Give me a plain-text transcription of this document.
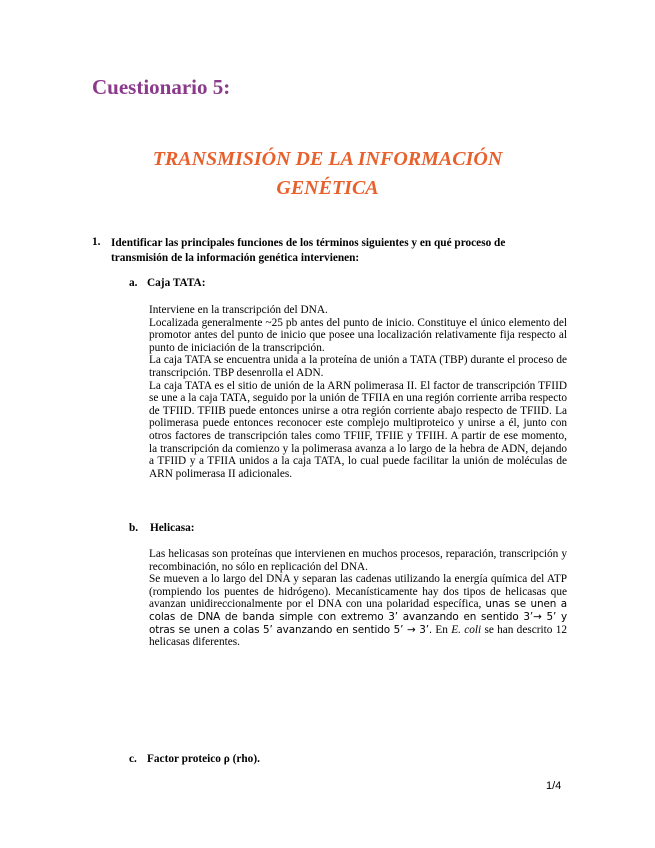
Cuestionario 5:
TRANSMISIÓN DE LA INFORMACIÓN
GENÉTICA
1. Identificar las principales funciones de los términos siguientes y en qué proceso de transmisión de la información genética intervienen:
a. Caja TATA:

Interviene en la transcripción del DNA.

Localizada generalmente ~25 pb antes del punto de inicio. Constituye el único elemento del promotor antes del punto de inicio que posee una localización relativamente fija respecto al punto de iniciación de la transcripción.

La caja TATA se encuentra unida a la proteína de unión a TATA (TBP) durante el proceso de transcripción. TBP desenrolla el ADN.

La caja TATA es el sitio de unión de la ARN polimerasa II. El factor de transcripción TFIID se une a la caja TATA, seguido por la unión de TFIIA en una región corriente arriba respecto de TFIID. TFIIB puede entonces unirse a otra región corriente abajo respecto de TFIID. La polimerasa puede entonces reconocer este complejo multiproteico y unirse a él, junto con otros factores de transcripción tales como TFIIF, TFIIE y TFIIH. A partir de ese momento, la transcripción da comienzo y la polimerasa avanza a lo largo de la hebra de ADN, dejando a TFIID y a TFIIA unidos a la caja TATA, lo cual puede facilitar la unión de moléculas de ARN polimerasa II adicionales.

b. Helicasa:

Las helicasas son proteínas que intervienen en muchos procesos, reparación, transcripción y recombinación, no sólo en replicación del DNA.

Se mueven a lo largo del DNA y separan las cadenas utilizando la energía química del ATP (rompiendo los puentes de hidrógeno). Mecanísticamente hay dos tipos de helicasas que avanzan unidireccionalmente por el DNA con una polaridad específica, unas se unen a colas de DNA de banda simple con extremo 3’ avanzando en sentido 3’→ 5’ y otras se unen a colas 5’ avanzando en sentido 5’ → 3’. En E. coli se han descrito 12 helicasas diferentes.

c. Factor proteico ρ (rho).
1/4
